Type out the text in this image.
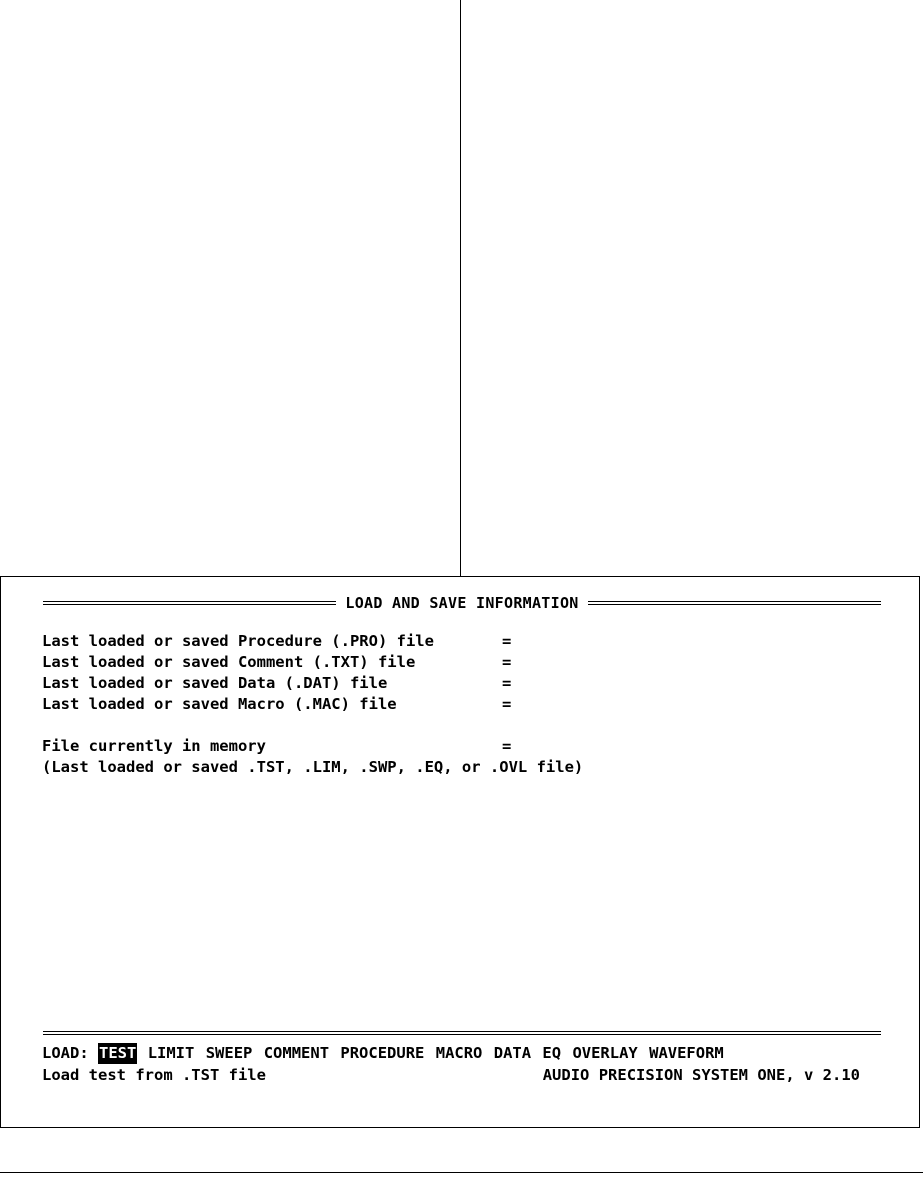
LOAD AND SAVE INFORMATION
Last loaded or saved Procedure (.PRO) file	=
Last loaded or saved Comment (.TXT) file	=
Last loaded or saved Data (.DAT) file	=
Last loaded or saved Macro (.MAC) file	=
File currently in memory	=
(Last loaded or saved .TST, .LIM, .SWP, .EQ, or .OVL file)
LOAD: TEST LIMIT SWEEP COMMENT PROCEDURE MACRO DATA EQ OVERLAY WAVEFORM
Load test from .TST file	AUDIO PRECISION SYSTEM ONE, v 2.10
